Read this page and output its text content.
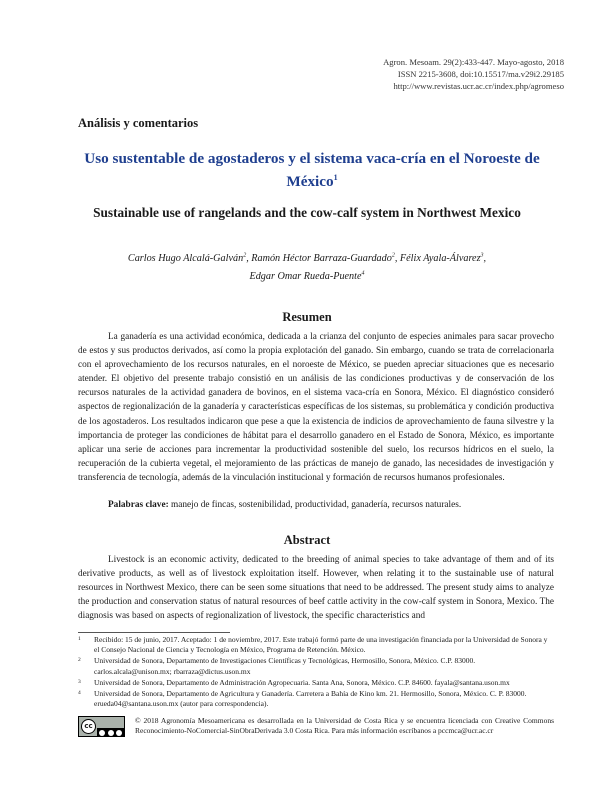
Agron. Mesoam. 29(2):433-447. Mayo-agosto, 2018
ISSN 2215-3608, doi:10.15517/ma.v29i2.29185
http://www.revistas.ucr.ac.cr/index.php/agromeso
Análisis y comentarios
Uso sustentable de agostaderos y el sistema vaca-cría en el Noroeste de México$^1$
Sustainable use of rangelands and the cow-calf system in Northwest Mexico
Carlos Hugo Alcalá-Galván$^2$, Ramón Héctor Barraza-Guardado$^2$, Félix Ayala-Álvarez$^3$,
Edgar Omar Rueda-Puente$^4$
Resumen
La ganadería es una actividad económica, dedicada a la crianza del conjunto de especies animales para sacar provecho de estos y sus productos derivados, así como la propia explotación del ganado. Sin embargo, cuando se trata de correlacionarla con el aprovechamiento de los recursos naturales, en el noroeste de México, se pueden apreciar situaciones que es necesario atender. El objetivo del presente trabajo consistió en un análisis de las condiciones productivas y de conservación de los recursos naturales de la actividad ganadera de bovinos, en el sistema vaca-cría en Sonora, México. El diagnóstico consideró aspectos de regionalización de la ganadería y características específicas de los sistemas, su problemática y condición productiva de los agostaderos. Los resultados indicaron que pese a que la existencia de indicios de aprovechamiento de fauna silvestre y la importancia de proteger las condiciones de hábitat para el desarrollo ganadero en el Estado de Sonora, México, es importante aplicar una serie de acciones para incrementar la productividad sostenible del suelo, los recursos hídricos en el suelo, la recuperación de la cubierta vegetal, el mejoramiento de las prácticas de manejo de ganado, las necesidades de investigación y transferencia de tecnología, además de la vinculación institucional y formación de recursos humanos profesionales.
Palabras clave: manejo de fincas, sostenibilidad, productividad, ganadería, recursos naturales.
Abstract
Livestock is an economic activity, dedicated to the breeding of animal species to take advantage of them and of its derivative products, as well as of livestock exploitation itself. However, when relating it to the sustainable use of natural resources in Northwest Mexico, there can be seen some situations that need to be addressed. The present study aims to analyze the production and conservation status of natural resources of beef cattle activity in the cow-calf system in Sonora, Mexico. The diagnosis was based on aspects of regionalization of livestock, the specific characteristics and
1 Recibido: 15 de junio, 2017. Aceptado: 1 de noviembre, 2017. Este trabajó formó parte de una investigación financiada por la Universidad de Sonora y el Consejo Nacional de Ciencia y Tecnología en México, Programa de Retención. México.
2 Universidad de Sonora, Departamento de Investigaciones Científicas y Tecnológicas, Hermosillo, Sonora, México. C.P. 83000. carlos.alcala@unison.mx; rbarraza@dictus.uson.mx
3 Universidad de Sonora, Departamento de Administración Agropecuaria. Santa Ana, Sonora, México. C.P. 84600. fayala@santana.uson.mx
4 Universidad de Sonora, Departamento de Agricultura y Ganadería. Carretera a Bahía de Kino km. 21. Hermosillo, Sonora, México. C. P. 83000. erueda04@santana.uson.mx (autor para correspondencia).
cc
© 2018 Agronomía Mesoamericana es desarrollada en la Universidad de Costa Rica y se encuentra licenciada con Creative Commons Reconocimiento-NoComercial-SinObraDerivada 3.0 Costa Rica. Para más información escríbanos a pccmca@ucr.ac.cr
